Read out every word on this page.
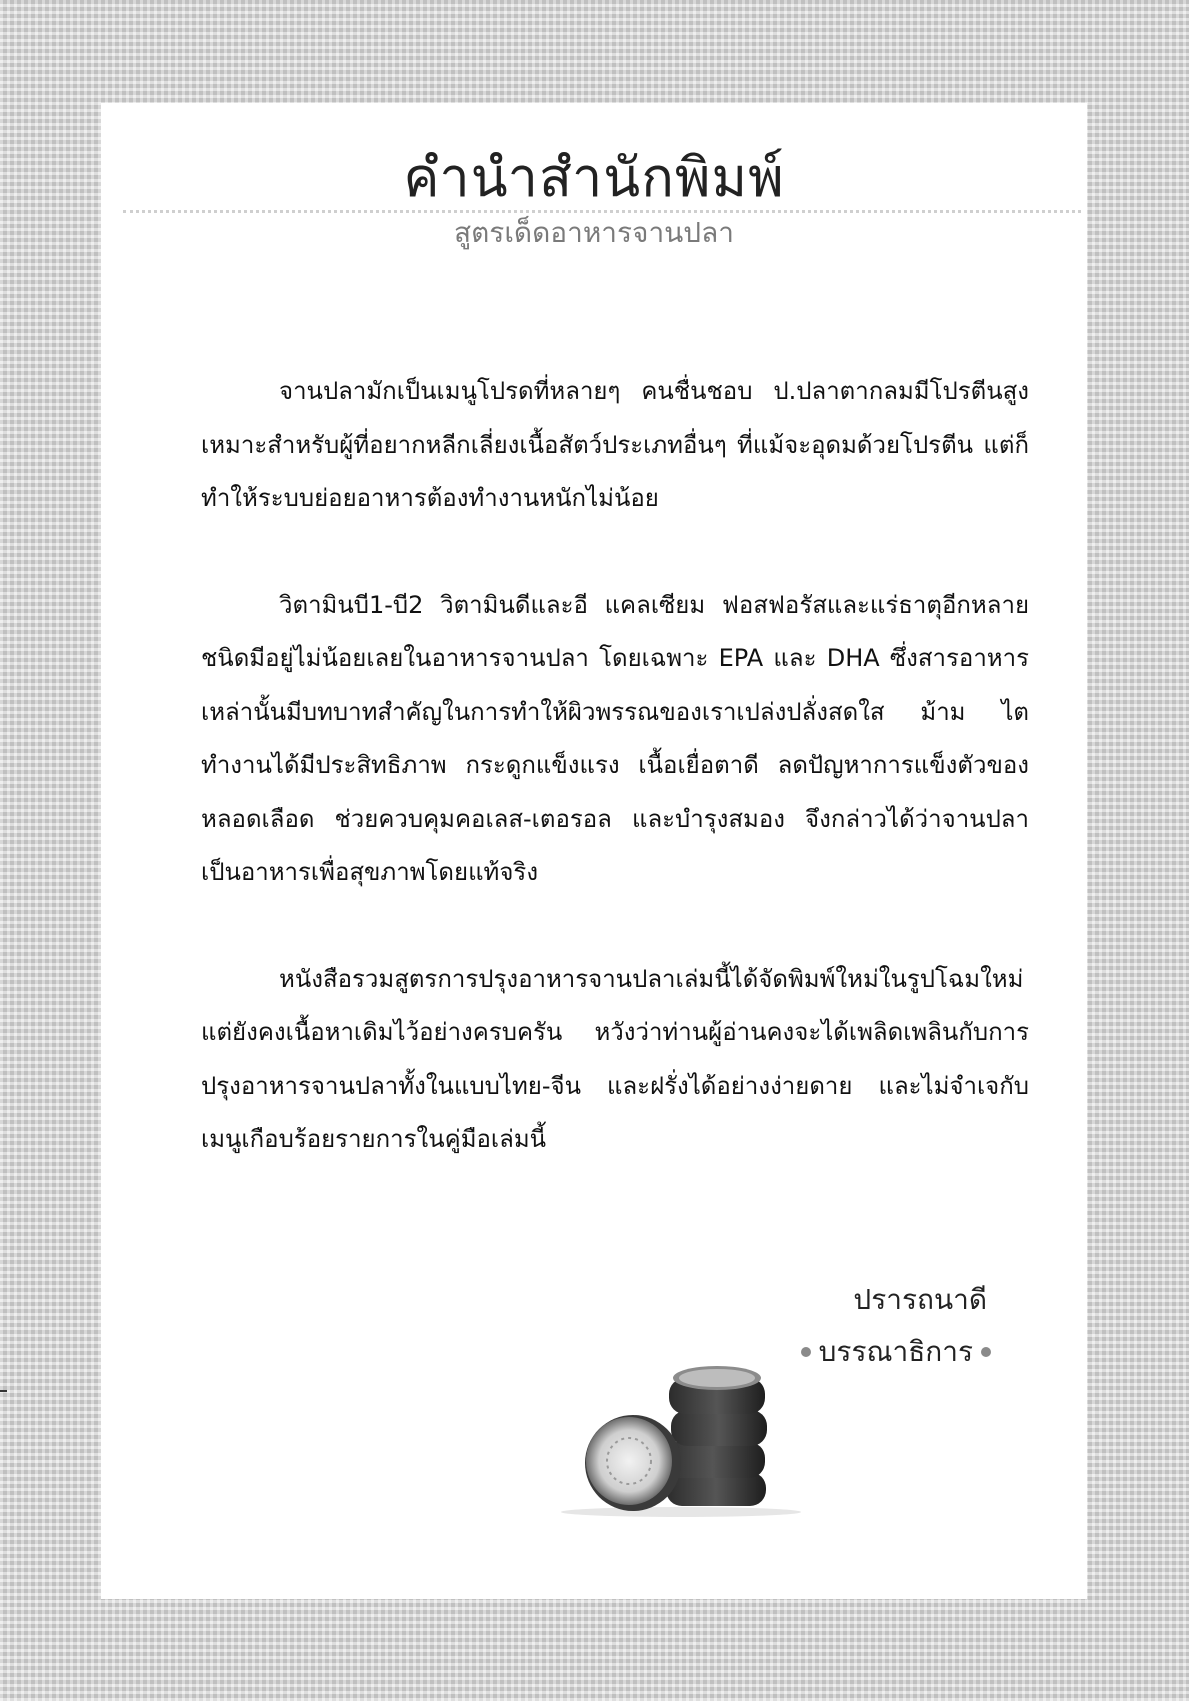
คำนำสำนักพิมพ์
สูตรเด็ดอาหารจานปลา

จานปลามักเป็นเมนูโปรดที่หลายๆ คนชื่นชอบ ป.ปลาตากลมมีโปรตีนสูง เหมาะสำหรับผู้ที่อยากหลีกเลี่ยงเนื้อสัตว์ประเภทอื่นๆ ที่แม้จะอุดมด้วยโปรตีน แต่ก็ทำให้ระบบย่อยอาหารต้องทำงานหนักไม่น้อย

วิตามินบี1-บี2 วิตามินดีและอี แคลเซียม ฟอสฟอรัสและแร่ธาตุอีกหลายชนิดมีอยู่ไม่น้อยเลยในอาหารจานปลา โดยเฉพาะ EPA และ DHA ซึ่งสารอาหารเหล่านั้นมีบทบาทสำคัญในการทำให้ผิวพรรณของเราเปล่งปลั่งสดใส ม้าม ไต ทำงานได้มีประสิทธิภาพ กระดูกแข็งแรง เนื้อเยื่อตาดี ลดปัญหาการแข็งตัวของหลอดเลือด ช่วยควบคุมคอเลส-เตอรอล และบำรุงสมอง จึงกล่าวได้ว่าจานปลาเป็นอาหารเพื่อสุขภาพโดยแท้จริง

หนังสือรวมสูตรการปรุงอาหารจานปลาเล่มนี้ได้จัดพิมพ์ใหม่ในรูปโฉมใหม่ แต่ยังคงเนื้อหาเดิมไว้อย่างครบครัน หวังว่าท่านผู้อ่านคงจะได้เพลิดเพลินกับการปรุงอาหารจานปลาทั้งในแบบไทย-จีน และฝรั่งได้อย่างง่ายดาย และไม่จำเจกับเมนูเกือบร้อยรายการในคู่มือเล่มนี้

ปรารถนาดี
บรรณาธิการ
